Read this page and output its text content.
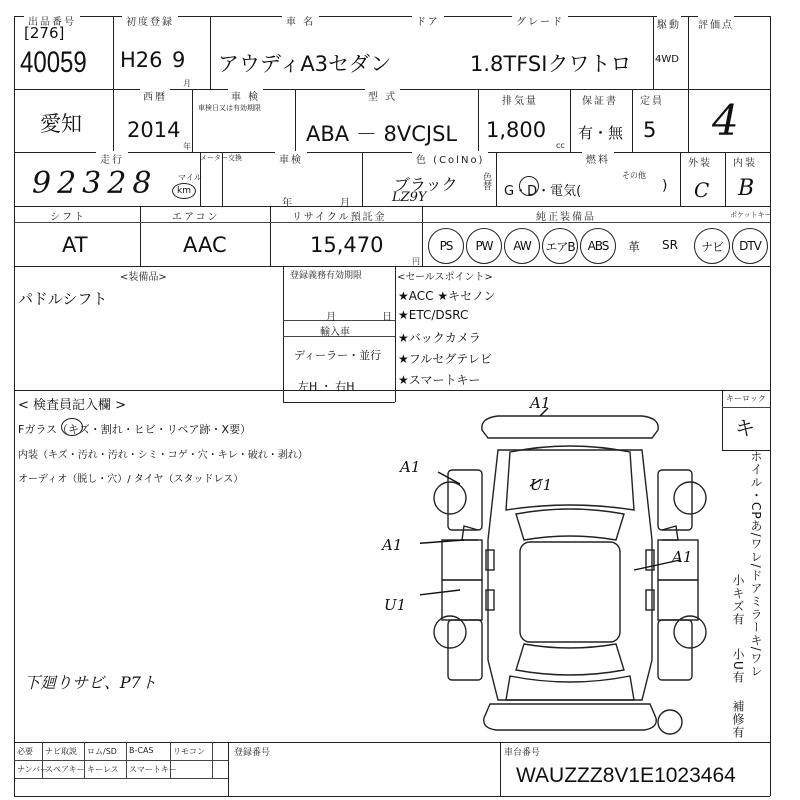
出品番号
[276]
40059
初度登録
H26 9
月
車 名
アウディA3セダン
ドア	グレード
1.8TFSIクワトロ
駆動
4WD
評価点
4
愛知
西暦
2014
年
車 検
車検日又は有効期限
型 式
ABA － 8VCJSL
排気量
1,800
cc
保証書
有・無
定員
5
走行
92328	マイル
km
メーター交換	車検
年	月
色 (ColNo)
ブラック
LZ9Y
色替
燃料
G・D・電気(
その他
)
外装
C
内装
B
シフト
AT
エアコン
AAC
リサイクル預託金
15,470
円
純正装備品	ポケットキー
PS	PW	AW	エアB	ABS	革 SR	ナビ	DTV
<装備品>
パドルシフト
登録義務有効期限
月	日
輸入車
ディーラー・並行
左H ・ 右H
<セールスポイント>
★ACC ★キセノン
★ETC/DSRC
★バックカメラ
★フルセグテレビ
★スマートキー
< 検査員記入欄 >
Fガラス（キズ・割れ・ヒビ・リペア跡・X要）
内装（キズ・汚れ・汚れ・シミ・コゲ・穴・キレ・破れ・剥れ）
オーディオ（脱し・穴）/ タイヤ（スタッドレス）
下廻りサビ、P7ト
キーロック
キ
ホイル・CPあ/ワレ/ドアミラーキ/ワレ
小キズ有
小U有
補修有
A1
U1
A1
A1
U1
A1
必要 ナビ取説 ロム/SD B-CAS リモコン
ナンバー
スペアキー キーレス スマートキー
登録番号	車台番号
WAUZZZ8V1E1023464
